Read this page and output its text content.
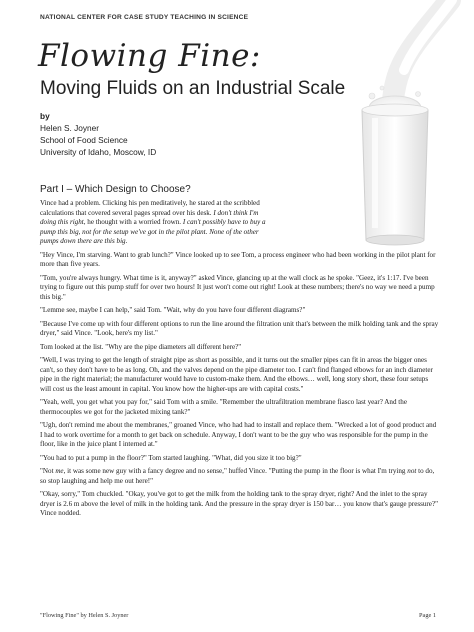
NATIONAL CENTER FOR CASE STUDY TEACHING IN SCIENCE
Flowing Fine:
Moving Fluids on an Industrial Scale
by
Helen S. Joyner
School of Food Science
University of Idaho, Moscow, ID
Part I – Which Design to Choose?

Vince had a problem. Clicking his pen meditatively, he stared at the scribbled calculations that covered several pages spread over his desk. I don't think I'm doing this right, he thought with a worried frown. I can't possibly have to buy a pump this big, not for the setup we've got in the pilot plant. None of the other pumps down there are this big.

"Hey Vince, I'm starving. Want to grab lunch?" Vince looked up to see Tom, a process engineer who had been working in the pilot plant for more than five years.

"Tom, you're always hungry. What time is it, anyway?" asked Vince, glancing up at the wall clock as he spoke. "Geez, it's 1:17. I've been trying to figure out this pump stuff for over two hours! It just won't come out right! Look at these numbers; there's no way we need a pump this big."

"Lemme see, maybe I can help," said Tom. "Wait, why do you have four different diagrams?"

"Because I've come up with four different options to run the line around the filtration unit that's between the milk holding tank and the spray dryer," said Vince. "Look, here's my list."

Tom looked at the list. "Why are the pipe diameters all different here?"

"Well, I was trying to get the length of straight pipe as short as possible, and it turns out the smaller pipes can fit in areas the bigger ones can't, so they don't have to be as long. Oh, and the valves depend on the pipe diameter too. I can't find flanged elbows for an inch diameter pipe in the right material; the manufacturer would have to custom-make them. And the elbows… well, long story short, these four setups will cost us the least amount in capital. You know how the higher-ups are with capital costs."

"Yeah, well, you get what you pay for," said Tom with a smile. "Remember the ultrafiltration membrane fiasco last year? And the thermocouples we got for the jacketed mixing tank?"

"Ugh, don't remind me about the membranes," groaned Vince, who had had to install and replace them. "Wrecked a lot of good product and I had to work overtime for a month to get back on schedule. Anyway, I don't want to be the guy who was responsible for the pump in the floor, like in the juice plant I interned at."

"You had to put a pump in the floor?" Tom started laughing. "What, did you size it too big?"

"Not me, it was some new guy with a fancy degree and no sense," huffed Vince. "Putting the pump in the floor is what I'm trying not to do, so stop laughing and help me out here!"

"Okay, sorry," Tom chuckled. "Okay, you've got to get the milk from the holding tank to the spray dryer, right? And the inlet to the spray dryer is 2.6 m above the level of milk in the holding tank. And the pressure in the spray dryer is 150 bar… you know that's gauge pressure?" Vince nodded.

"Flowing Fine" by Helen S. Joyner	Page 1
